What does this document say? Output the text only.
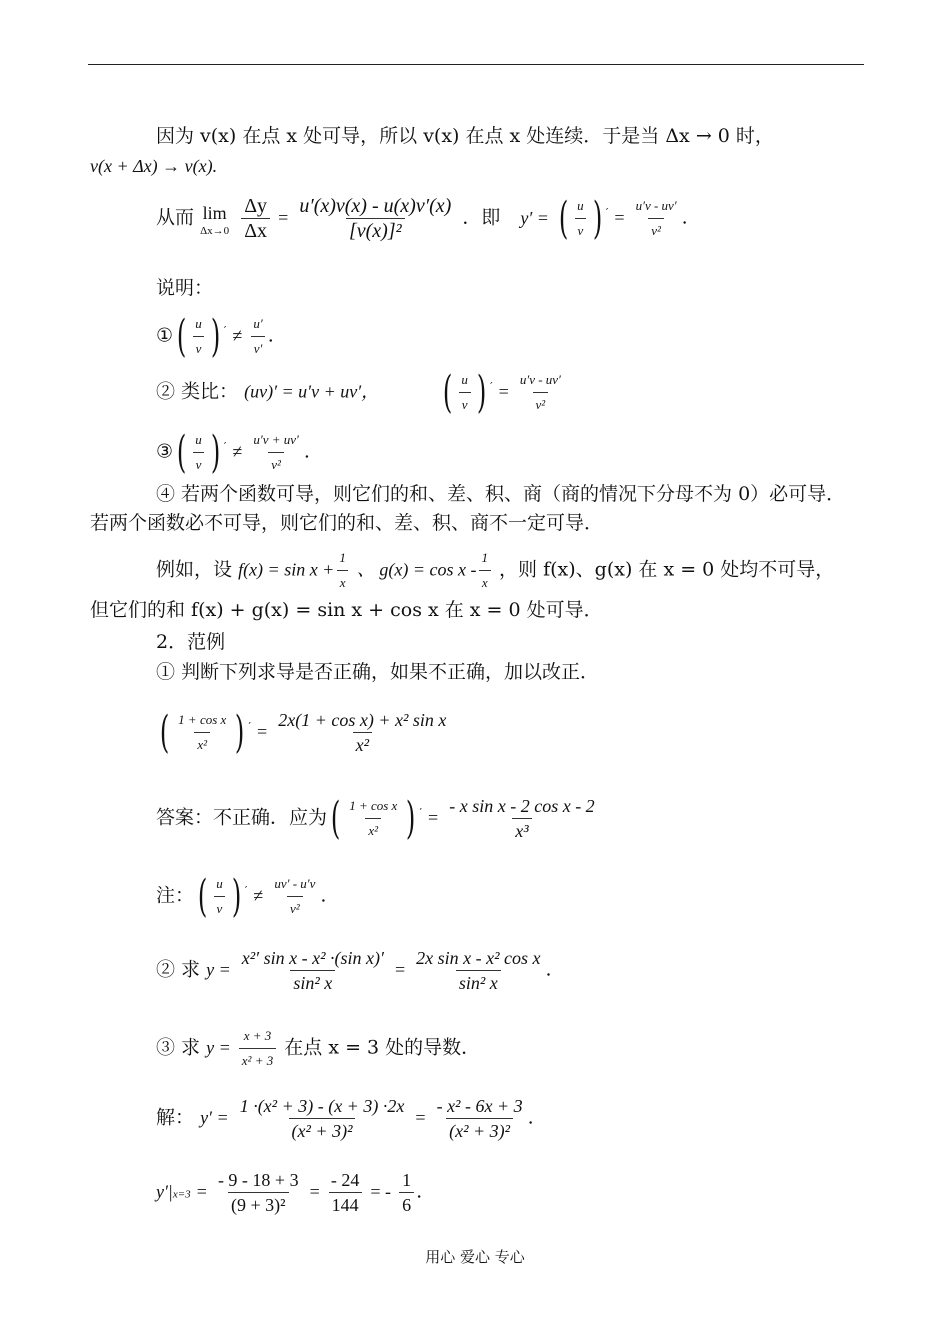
因为 v(x) 在点 x 处可导，所以 v(x) 在点 x 处连续．于是当 Δx → 0 时，
v(x + Δx) → v(x).
从而 lim
Δx→0
$\frac{\Delta y}{\Delta x} = \frac{u'(x)v(x) - u(x)v'(x)}{\text{[v(x)]²}}$ ．即 y′ = ( $\frac{u}{v}$ ) $' = \frac{u'v - uv'}{\text{v²}}$ .
说明：
①( $\frac{u}{v}$ ) $' \ne \frac{u'}{v'}$ .
② 类比： (uv)′ = u′v + uv′， ( $\frac{u}{v}$ ) $' = \frac{u'v - uv'}{\text{v²}}$
③( $\frac{u}{v}$ ) $' \ne \frac{u'v + uv'}{\text{v²}}$ .
④ 若两个函数可导，则它们的和、差、积、商（商的情况下分母不为 0）必可导．
若两个函数必不可导，则它们的和、差、积、商不一定可导．
例如，设 $f(x) = \sin x + \frac{1}{x}$ 、 $g(x) = \cos x - \frac{1}{x}$ ，则 f(x)、g(x) 在 x = 0 处均不可导，
但它们的和 f(x) + g(x) = sin x + cos x 在 x = 0 处可导．
2．范例
① 判断下列求导是否正确，如果不正确，加以改正．
( $\frac{\text{1 + cos x}}{\text{x²}}$ ) $' = \frac{\text{2x(1 + cos x) + x² sin x}}{\text{x²}}$
答案：不正确．应为( $\frac{\text{1 + cos x}}{\text{x²}}$ ) $' = \frac{\text{- x sin x - 2 cos x - 2}}{\text{x³}}$
注：( $\frac{u}{v}$ ) $' \ne \frac{uv' - u'v}{\text{v²}}$ .
② 求 $y = \frac{\text{x²′ sin x - x² ·(sin x)′}}{\text{sin² x}} = \frac{\text{2x sin x - x² cos x}}{\text{sin² x}}$ .
③ 求 $y = \frac{x + 3}{\text{x² + 3}}$ 在点 x = 3 处的导数．
解： $y' = \frac{\text{1 ·(x² + 3) - (x + 3) ·2x}}{\text{(x² + 3)²}} = \frac{\text{- x² - 6x + 3}}{\text{(x² + 3)²}}$ .
$y'|x=3 = \frac{- 9 - 18 + 3}{\text{(9 + 3)²}} = \frac{- 24}{144}$ = - $\frac{1}{6}$ .
用心 爱心 专心
